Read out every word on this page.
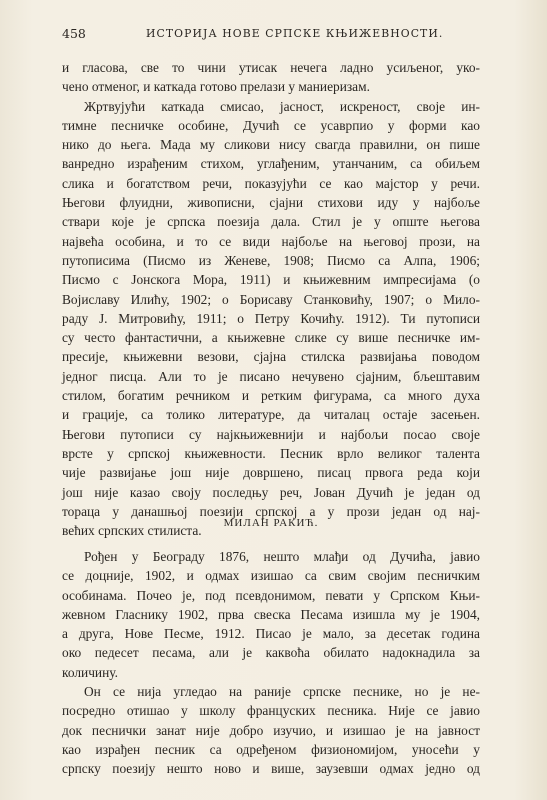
458	ИСТОРИЈА НОВЕ СРПСКЕ КЊИЖЕВНОСТИ.
и гласова, све то чини утисак нечега ладно усиљеног, уко-
чено отменог, и каткада готово прелази у маниеризам.
Жртвујући каткада смисао, јасност, искреност, своје ин-
тимне песничке особине, Дучић се усаврпио у форми као
нико до њега. Мада му сликови нису свагда правилни, он пише
ванредно израђеним стихом, углађеним, утанчаним, са обиљем
слика и богатством речи, показујући се као мајстор у речи.
Његови флуидни, живописни, сјајни стихови иду у најбоље
ствари које је српска поезија дала. Стил је у опште његова
највећа особина, и то се види најбоље на његовој прози, на
путописима (Писмо из Женеве, 1908; Писмо са Алпа, 1906;
Писмо с Јонскога Мора, 1911) и књижевним импресијама (о
Војиславу Илићу, 1902; о Борисаву Станковићу, 1907; о Мило-
раду Ј. Митровићу, 1911; о Петру Кочићу. 1912). Ти путописи
су често фантастични, а књижевне слике су више песничке им-
пресије, књижевни везови, сјајна стилска развијања поводом
једног писца. Али то је писано нечувено сјајним, бљештавим
стилом, богатим речником и ретким фигурама, са много духа
и грације, са толико литературе, да читалац остаје засењен.
Његови путописи су најкњижевнији и најбољи посао своје
врсте у српској књижевности. Песник врло великог талента
чије развијање још није довршено, писац првога реда који
још није казао своју последњу реч, Јован Дучић је један од
тораца у данашњој поезији српској а у прози један од нај-
већих српских стилиста.
МИЛАН РАКИЋ.
Рођен у Београду 1876, нешто млађи од Дучића, јавио
се доцније, 1902, и одмах изишао са свим својим песничким
особинама. Почео је, под псевдонимом, певати у Српском Књи-
жевном Гласнику 1902, прва свеска Песама изишла му је 1904,
а друга, Нове Песме, 1912. Писао је мало, за десетак година
око педесет песама, али је каквоћа обилато надокнадила за
количину.
Он се нија угледао на раније српске песнике, но је не-
посредно отишао у школу француских песника. Није се јавио
док песнички занат није добро изучио, и изишао је на јавност
као израђен песник са одређеном физиономијом, уносећи у
српску поезију нешто ново и више, заузевши одмах једно од
